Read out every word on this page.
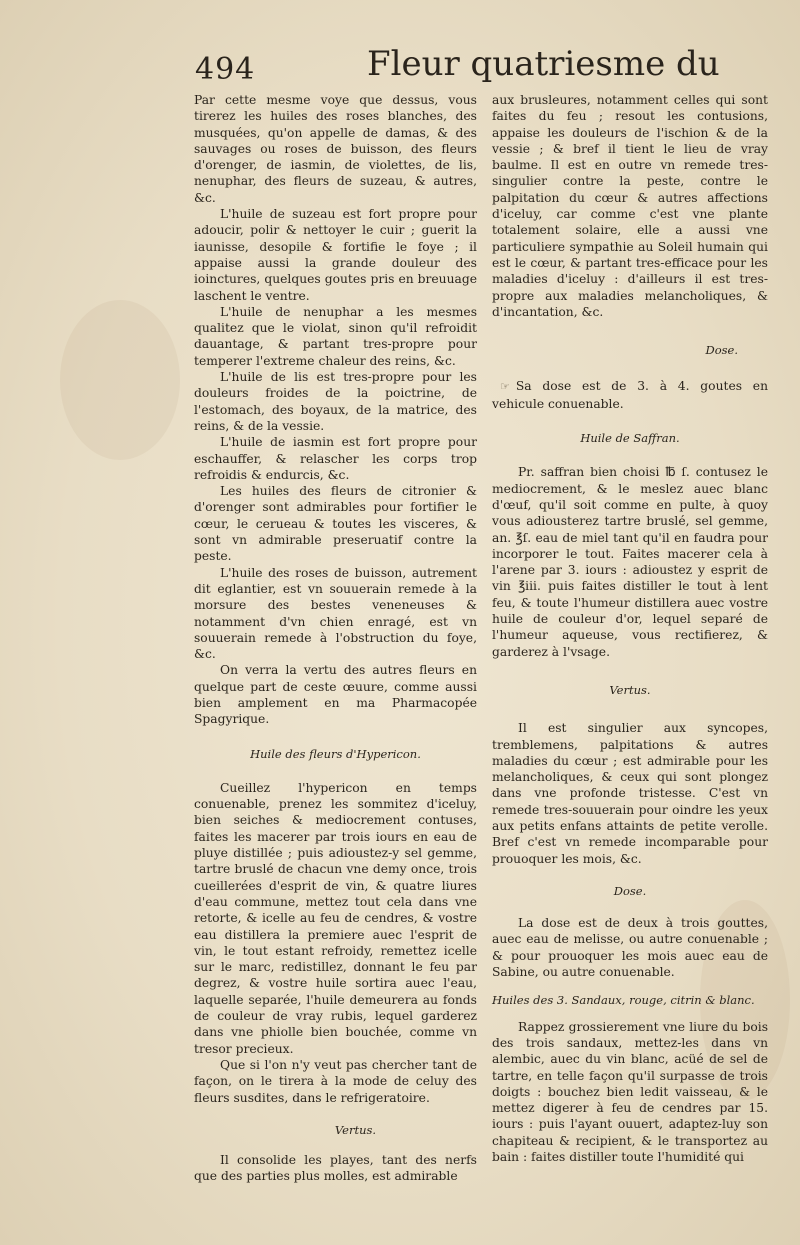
494	Fleur quatriesme du

Par cette mesme voye que dessus, vous tirerez les huiles des roses blanches, des musquées, qu'on appelle de damas, & des sauvages ou roses de buisson, des fleurs d'orenger, de iasmin, de violettes, de lis, nenuphar, des fleurs de suzeau, & autres, &c.

L'huile de suzeau est fort propre pour adoucir, polir & nettoyer le cuir ; guerit la iaunisse, desopile & fortifie le foye ; il appaise aussi la grande douleur des ioinctures, quelques goutes pris en breuuage laschent le ventre.

L'huile de nenuphar a les mesmes qualitez que le violat, sinon qu'il refroidit dauantage, & partant tres-propre pour temperer l'extreme chaleur des reins, &c.

L'huile de lis est tres-propre pour les douleurs froides de la poictrine, de l'estomach, des boyaux, de la matrice, des reins, & de la vessie.

L'huile de iasmin est fort propre pour eschauffer, & relascher les corps trop refroidis & endurcis, &c.

Les huiles des fleurs de citronier & d'orenger sont admirables pour fortifier le cœur, le cerueau & toutes les visceres, & sont vn admirable preseruatif contre la peste.

L'huile des roses de buisson, autrement dit eglantier, est vn souuerain remede à la morsure des bestes veneneuses & notamment d'vn chien enragé, est vn souuerain remede à l'obstruction du foye, &c.

On verra la vertu des autres fleurs en quelque part de ceste œuure, comme aussi bien amplement en ma Pharmacopée Spagyrique.

Huile des fleurs d'Hypericon.

Cueillez l'hypericon en temps conuenable, prenez les sommitez d'iceluy, bien seiches & mediocrement contuses, faites les macerer par trois iours en eau de pluye distillée ; puis adioustez-y sel gemme, tartre bruslé de chacun vne demy once, trois cueillerées d'esprit de vin, & quatre liures d'eau commune, mettez tout cela dans vne retorte, & icelle au feu de cendres, & vostre eau distillera la premiere auec l'esprit de vin, le tout estant refroidy, remettez icelle sur le marc, redistillez, donnant le feu par degrez, & vostre huile sortira auec l'eau, laquelle separée, l'huile demeurera au fonds de couleur de vray rubis, lequel garderez dans vne phiolle bien bouchée, comme vn tresor precieux.

Que si l'on n'y veut pas chercher tant de façon, on le tirera à la mode de celuy des fleurs susdites, dans le refrigeratoire.

Vertus.

Il consolide les playes, tant des nerfs que des parties plus molles, est admirable

aux brusleures, notamment celles qui sont faites du feu ; resout les contusions, appaise les douleurs de l'ischion & de la vessie ; & bref il tient le lieu de vray baulme. Il est en outre vn remede tres-singulier contre la peste, contre le palpitation du cœur & autres affections d'iceluy, car comme c'est vne plante totalement solaire, elle a aussi vne particuliere sympathie au Soleil humain qui est le cœur, & partant tres-efficace pour les maladies d'iceluy : d'ailleurs il est tres-propre aux maladies melancholiques, & d'incantation, &c.

Dose.

☞ Sa dose est de 3. à 4. goutes en vehicule conuenable.

Huile de Saffran.

Pr. saffran bien choisi ℔ ſ. contusez le mediocrement, & le meslez auec blanc d'œuf, qu'il soit comme en pulte, à quoy vous adiousterez tartre bruslé, sel gemme, an. ℥ſ. eau de miel tant qu'il en faudra pour incorporer le tout. Faites macerer cela à l'arene par 3. iours : adioustez y esprit de vin ℥iii. puis faites distiller le tout à lent feu, & toute l'humeur distillera auec vostre huile de couleur d'or, lequel separé de l'humeur aqueuse, vous rectifierez, & garderez à l'vsage.

Vertus.

Il est singulier aux syncopes, tremblemens, palpitations & autres maladies du cœur ; est admirable pour les melancholiques, & ceux qui sont plongez dans vne profonde tristesse. C'est vn remede tres-souuerain pour oindre les yeux aux petits enfans attaints de petite verolle. Bref c'est vn remede incomparable pour prouoquer les mois, &c.

Dose.

La dose est de deux à trois gouttes, auec eau de melisse, ou autre conuenable ; & pour prouoquer les mois auec eau de Sabine, ou autre conuenable.

Huiles des 3. Sandaux, rouge, citrin & blanc.

Rappez grossierement vne liure du bois des trois sandaux, mettez-les dans vn alembic, auec du vin blanc, acüé de sel de tartre, en telle façon qu'il surpasse de trois doigts : bouchez bien ledit vaisseau, & le mettez digerer à feu de cendres par 15. iours : puis l'ayant ouuert, adaptez-luy son chapiteau & recipient, & le transportez au bain : faites distiller toute l'humidité qui
